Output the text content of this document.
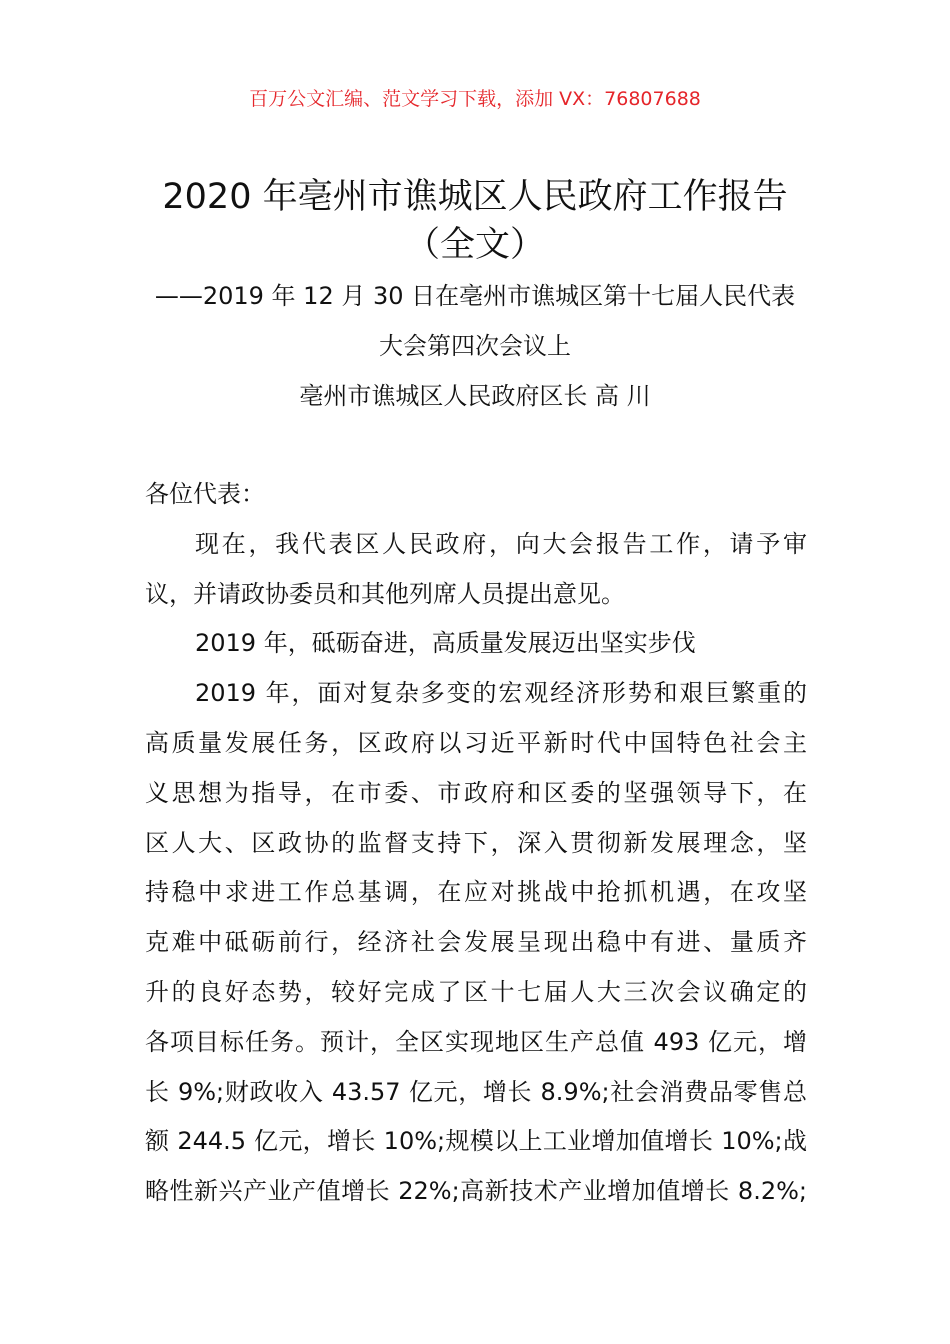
百万公文汇编、范文学习下载，添加 VX：76807688
2020 年亳州市谯城区人民政府工作报告
（全文）
——2019 年 12 月 30 日在亳州市谯城区第十七届人民代表
大会第四次会议上
亳州市谯城区人民政府区长 高 川
各位代表：
现在，我代表区人民政府，向大会报告工作，请予审
议，并请政协委员和其他列席人员提出意见。
2019 年，砥砺奋进，高质量发展迈出坚实步伐
2019 年，面对复杂多变的宏观经济形势和艰巨繁重的
高质量发展任务，区政府以习近平新时代中国特色社会主
义思想为指导，在市委、市政府和区委的坚强领导下，在
区人大、区政协的监督支持下，深入贯彻新发展理念，坚
持稳中求进工作总基调，在应对挑战中抢抓机遇，在攻坚
克难中砥砺前行，经济社会发展呈现出稳中有进、量质齐
升的良好态势，较好完成了区十七届人大三次会议确定的
各项目标任务。预计，全区实现地区生产总值 493 亿元，增
长 9%;财政收入 43.57 亿元，增长 8.9%;社会消费品零售总
额 244.5 亿元，增长 10%;规模以上工业增加值增长 10%;战
略性新兴产业产值增长 22%;高新技术产业增加值增长 8.2%;
